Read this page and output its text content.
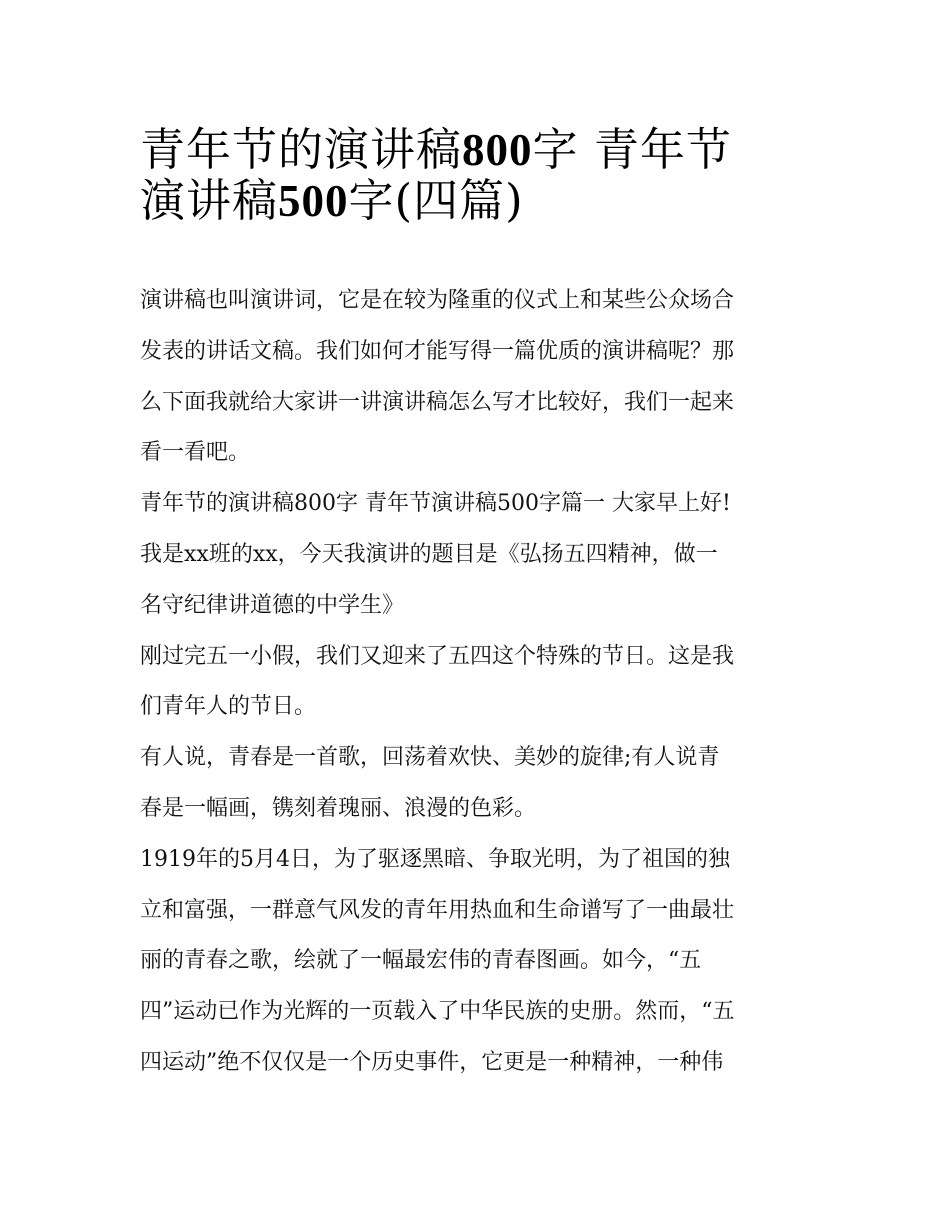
青年节的演讲稿800字 青年节
演讲稿500字(四篇)
演讲稿也叫演讲词，它是在较为隆重的仪式上和某些公众场合
发表的讲话文稿。我们如何才能写得一篇优质的演讲稿呢？那
么下面我就给大家讲一讲演讲稿怎么写才比较好，我们一起来
看一看吧。
青年节的演讲稿800字 青年节演讲稿500字篇一 大家早上好!
我是xx班的xx，今天我演讲的题目是《弘扬五四精神，做一
名守纪律讲道德的中学生》
刚过完五一小假，我们又迎来了五四这个特殊的节日。这是我
们青年人的节日。
有人说，青春是一首歌，回荡着欢快、美妙的旋律;有人说青
春是一幅画，镌刻着瑰丽、浪漫的色彩。
1919年的5月4日，为了驱逐黑暗、争取光明，为了祖国的独
立和富强，一群意气风发的青年用热血和生命谱写了一曲最壮
丽的青春之歌，绘就了一幅最宏伟的青春图画。如今，“五
四”运动已作为光辉的一页载入了中华民族的史册。然而，“五
四运动”绝不仅仅是一个历史事件，它更是一种精神，一种伟
